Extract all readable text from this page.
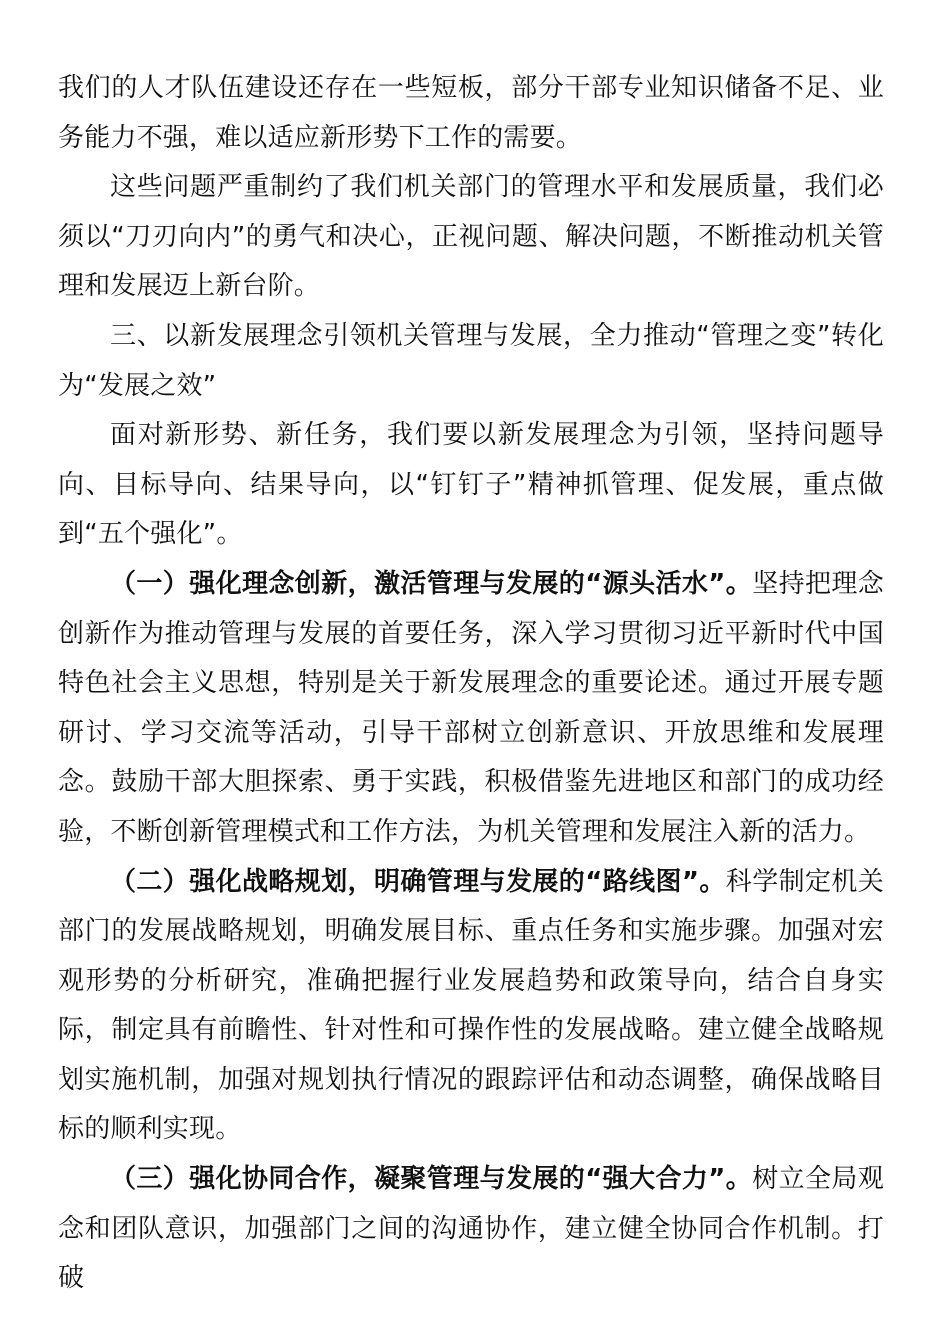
我们的人才队伍建设还存在一些短板，部分干部专业知识储备不足、业务能力不强，难以适应新形势下工作的需要。

这些问题严重制约了我们机关部门的管理水平和发展质量，我们必须以“刀刃向内”的勇气和决心，正视问题、解决问题，不断推动机关管理和发展迈上新台阶。

三、以新发展理念引领机关管理与发展，全力推动“管理之变”转化为“发展之效”

面对新形势、新任务，我们要以新发展理念为引领，坚持问题导向、目标导向、结果导向，以“钉钉子”精神抓管理、促发展，重点做到“五个强化”。

（一）强化理念创新，激活管理与发展的“源头活水”。坚持把理念创新作为推动管理与发展的首要任务，深入学习贯彻习近平新时代中国特色社会主义思想，特别是关于新发展理念的重要论述。通过开展专题研讨、学习交流等活动，引导干部树立创新意识、开放思维和发展理念。鼓励干部大胆探索、勇于实践，积极借鉴先进地区和部门的成功经验，不断创新管理模式和工作方法，为机关管理和发展注入新的活力。

（二）强化战略规划，明确管理与发展的“路线图”。科学制定机关部门的发展战略规划，明确发展目标、重点任务和实施步骤。加强对宏观形势的分析研究，准确把握行业发展趋势和政策导向，结合自身实际，制定具有前瞻性、针对性和可操作性的发展战略。建立健全战略规划实施机制，加强对规划执行情况的跟踪评估和动态调整，确保战略目标的顺利实现。

（三）强化协同合作，凝聚管理与发展的“强大合力”。树立全局观念和团队意识，加强部门之间的沟通协作，建立健全协同合作机制。打破
